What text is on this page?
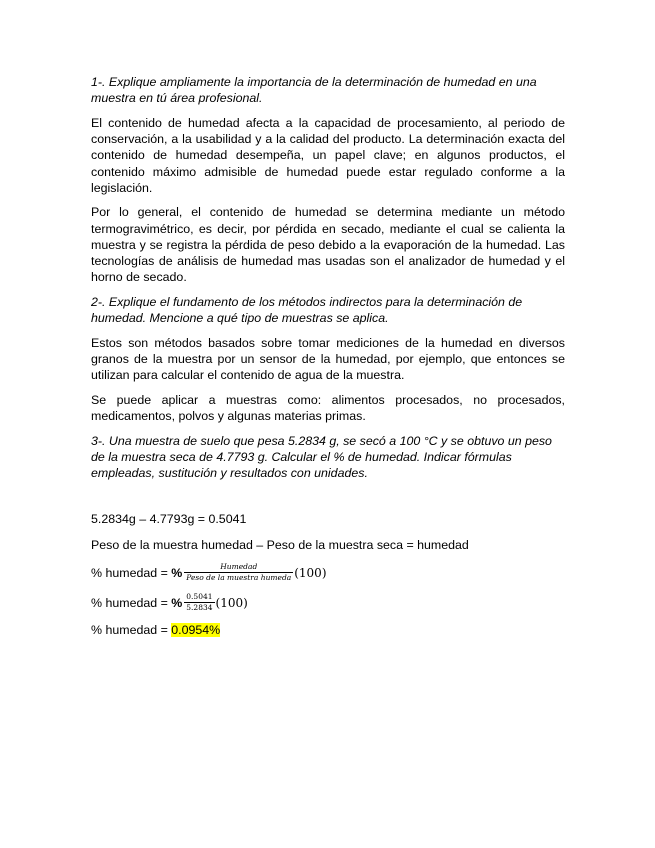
1-. Explique ampliamente la importancia de la determinación de humedad en una muestra en tú área profesional.

El contenido de humedad afecta a la capacidad de procesamiento, al periodo de conservación, a la usabilidad y a la calidad del producto. La determinación exacta del contenido de humedad desempeña, un papel clave; en algunos productos, el contenido máximo admisible de humedad puede estar regulado conforme a la legislación.

Por lo general, el contenido de humedad se determina mediante un método termogravimétrico, es decir, por pérdida en secado, mediante el cual se calienta la muestra y se registra la pérdida de peso debido a la evaporación de la humedad. Las tecnologías de análisis de humedad mas usadas son el analizador de humedad y el horno de secado.

2-. Explique el fundamento de los métodos indirectos para la determinación de humedad. Mencione a qué tipo de muestras se aplica.

Estos son métodos basados sobre tomar mediciones de la humedad en diversos granos de la muestra por un sensor de la humedad, por ejemplo, que entonces se utilizan para calcular el contenido de agua de la muestra.

Se puede aplicar a muestras como: alimentos procesados, no procesados, medicamentos, polvos y algunas materias primas.

3-. Una muestra de suelo que pesa 5.2834 g, se secó a 100 °C y se obtuvo un peso de la muestra seca de 4.7793 g. Calcular el % de humedad. Indicar fórmulas empleadas, sustitución y resultados con unidades.

5.2834g – 4.7793g = 0.5041

Peso de la muestra humedad – Peso de la muestra seca = humedad

% humedad = % $\frac{\text{Humedad}}{\text{Peso de la muestra humeda}} (100)$
% humedad = % $\frac{0.5041}{5.2834} (100)$

% humedad = 0.0954%
